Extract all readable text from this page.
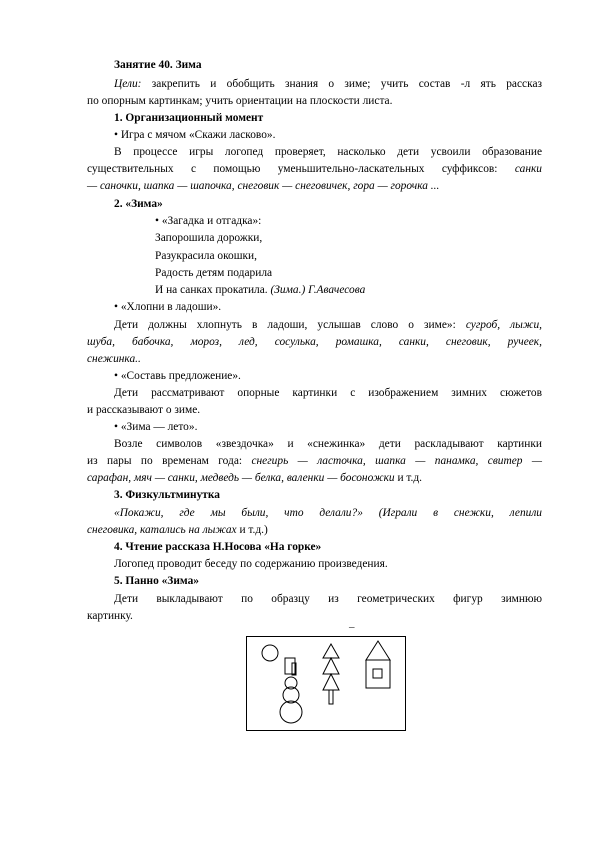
Занятие 40. Зима
Цели: закрепить и обобщить знания о зиме; учить состав -л ять рассказ
по опорным картинкам; учить ориентации на плоскости листа.
1. Организационный момент
• Игра с мячом «Скажи ласково».
В процессе игры логопед проверяет, насколько дети усвоили образование
существительных с помощью уменьшительно-ласкательных суффиксов: санки
— саночки, шапка — шапочка, снеговик — снеговичек, гора — горочка ...
2. «Зима»
• «Загадка и отгадка»:
Запорошила дорожки,
Разукрасила окошки,
Радость детям подарила
И на санках прокатила. (Зима.) Г.Авачесова
• «Хлопни в ладоши».
Дети должны хлопнуть в ладоши, услышав слово о зиме»: сугроб, лыжи,
шуба, бабочка, мороз, лед, сосулька, ромашка, санки, снеговик, ручеек,
снежинка..
• «Составь предложение».
Дети рассматривают опорные картинки с изображением зимних сюжетов
и рассказывают о зиме.
• «Зима — лето».
Возле символов «звездочка» и «снежинка» дети раскладывают картинки
из пары по временам года: снегирь — ласточка, шапка — панамка, свитер —
сарафан, мяч — санки, медведь — белка, валенки — босоножки и т.д.
3. Физкультминутка
«Покажи, где мы были, что делали?» (Играли в снежки, лепили
снеговика, катались на лыжах и т.д.)
4. Чтение рассказа Н.Носова «На горке»
Логопед проводит беседу по содержанию произведения.
5. Панно «Зима»
Дети выкладывают по образцу из геометрических фигур зимнюю
картинку.
_
